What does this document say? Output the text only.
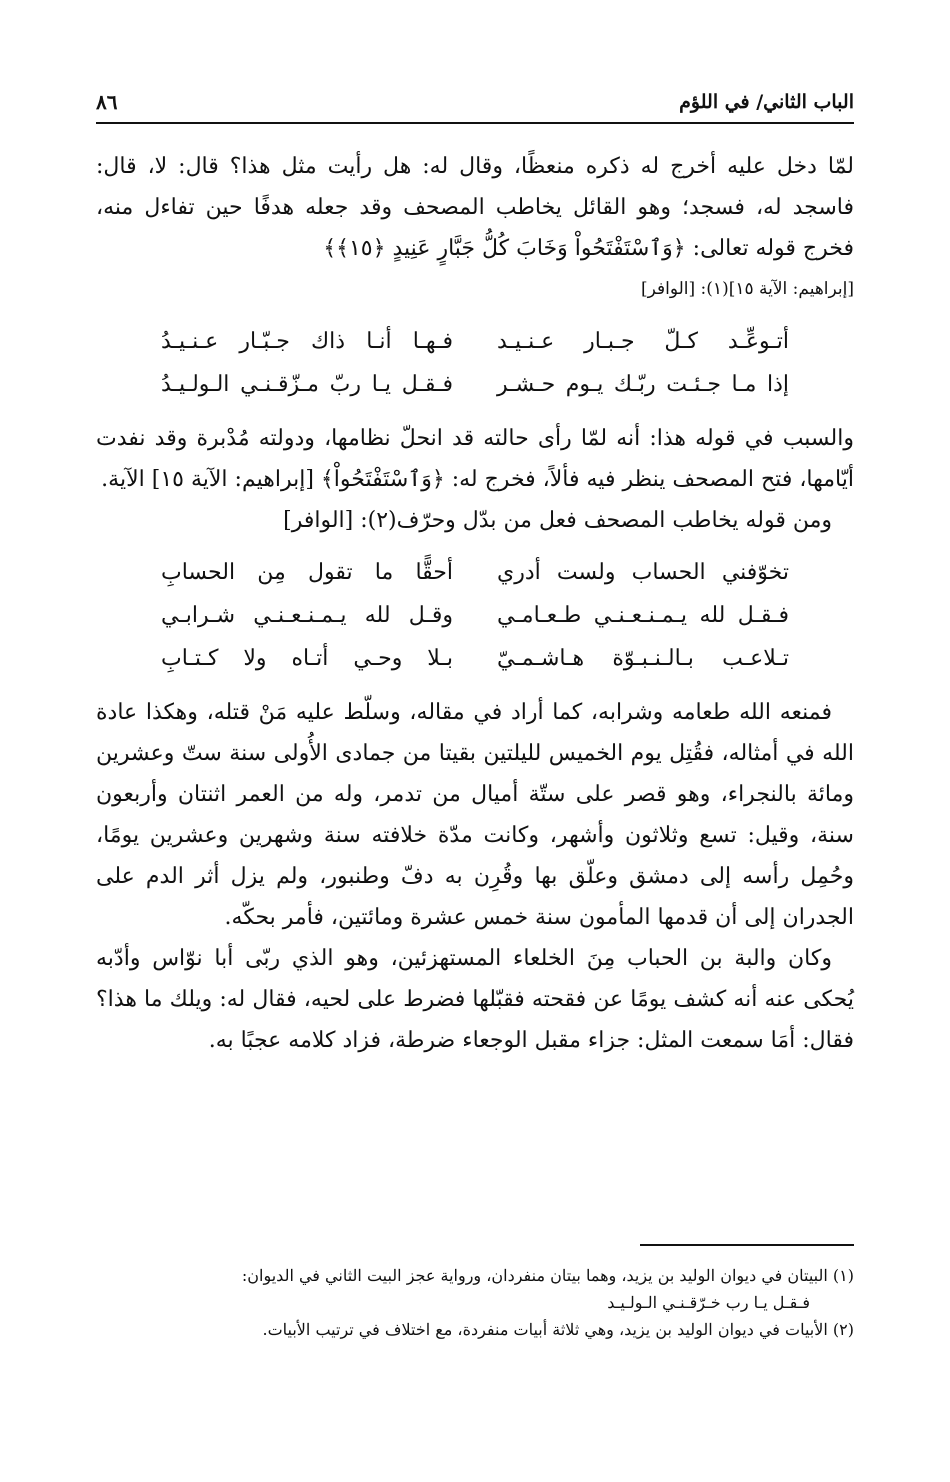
الباب الثاني/ في اللؤم
٨٦

لمّا دخل عليه أخرج له ذكره منعظًا، وقال له: هل رأيت مثل هذا؟ قال: لا، قال: فاسجد له، فسجد؛ وهو القائل يخاطب المصحف وقد جعله هدفًا حين تفاءل منه، فخرج قوله تعالى: ﴿وَٱسْتَفْتَحُواْ وَخَابَ كُلُّ جَبَّارٍ عَنِيدٍ ﴿١٥﴾﴾

[إبراهيم: الآية ١٥](١): [الوافر]

أتـوعِّـد كـلّ جـبـار عـنـيـد
فـهـا أنـا ذاك جـبّـار عـنـيـدُ
إذا مـا جـئـت ربّـك يـوم حـشـر
فـقـل يـا ربّ مـزّقـنـي الـولـيـدُ

والسبب في قوله هذا: أنه لمّا رأى حالته قد انحلّ نظامها، ودولته مُدْبرة وقد نفدت أيّامها، فتح المصحف ينظر فيه فألاً، فخرج له: ﴿وَٱسْتَفْتَحُواْ﴾ [إبراهيم: الآية ١٥] الآية.

ومن قوله يخاطب المصحف فعل من بدّل وحرّف(٢): [الوافر]

تخوّفني الحساب ولست أدري
أحقًّا ما تقول مِن الحسابِ
فـقـل لله يـمـنـعـنـي طـعـامـي
وقـل لله يـمـنـعـنـي شـرابـي
تـلاعـب بـالـنـبـوّة هـاشـمـيّ
بـلا وحـي أتـاه ولا كـتـابِ

فمنعه الله طعامه وشرابه، كما أراد في مقاله، وسلّط عليه مَنْ قتله، وهكذا عادة الله في أمثاله، فقُتِل يوم الخميس لليلتين بقيتا من جمادى الأُولى سنة ستّ وعشرين ومائة بالنجراء، وهو قصر على ستّة أميال من تدمر، وله من العمر اثنتان وأربعون سنة، وقيل: تسع وثلاثون وأشهر، وكانت مدّة خلافته سنة وشهرين وعشرين يومًا، وحُمِل رأسه إلى دمشق وعلّق بها وقُرِن به دفّ وطنبور، ولم يزل أثر الدم على الجدران إلى أن قدمها المأمون سنة خمس عشرة ومائتين، فأمر بحكّه.

وكان والبة بن الحباب مِنَ الخلعاء المستهزئين، وهو الذي ربّى أبا نوّاس وأدّبه يُحكى عنه أنه كشف يومًا عن فقحته فقبّلها فضرط على لحيه، فقال له: ويلك ما هذا؟ فقال: أمَا سمعت المثل: جزاء مقبل الوجعاء ضرطة، فزاد كلامه عجبًا به.

(١) البيتان في ديوان الوليد بن يزيد، وهما بيتان منفردان، ورواية عجز البيت الثاني في الديوان:

فـقـل يـا رب خـرّقـنـي الـولـيـد

(٢) الأبيات في ديوان الوليد بن يزيد، وهي ثلاثة أبيات منفردة، مع اختلاف في ترتيب الأبيات.
